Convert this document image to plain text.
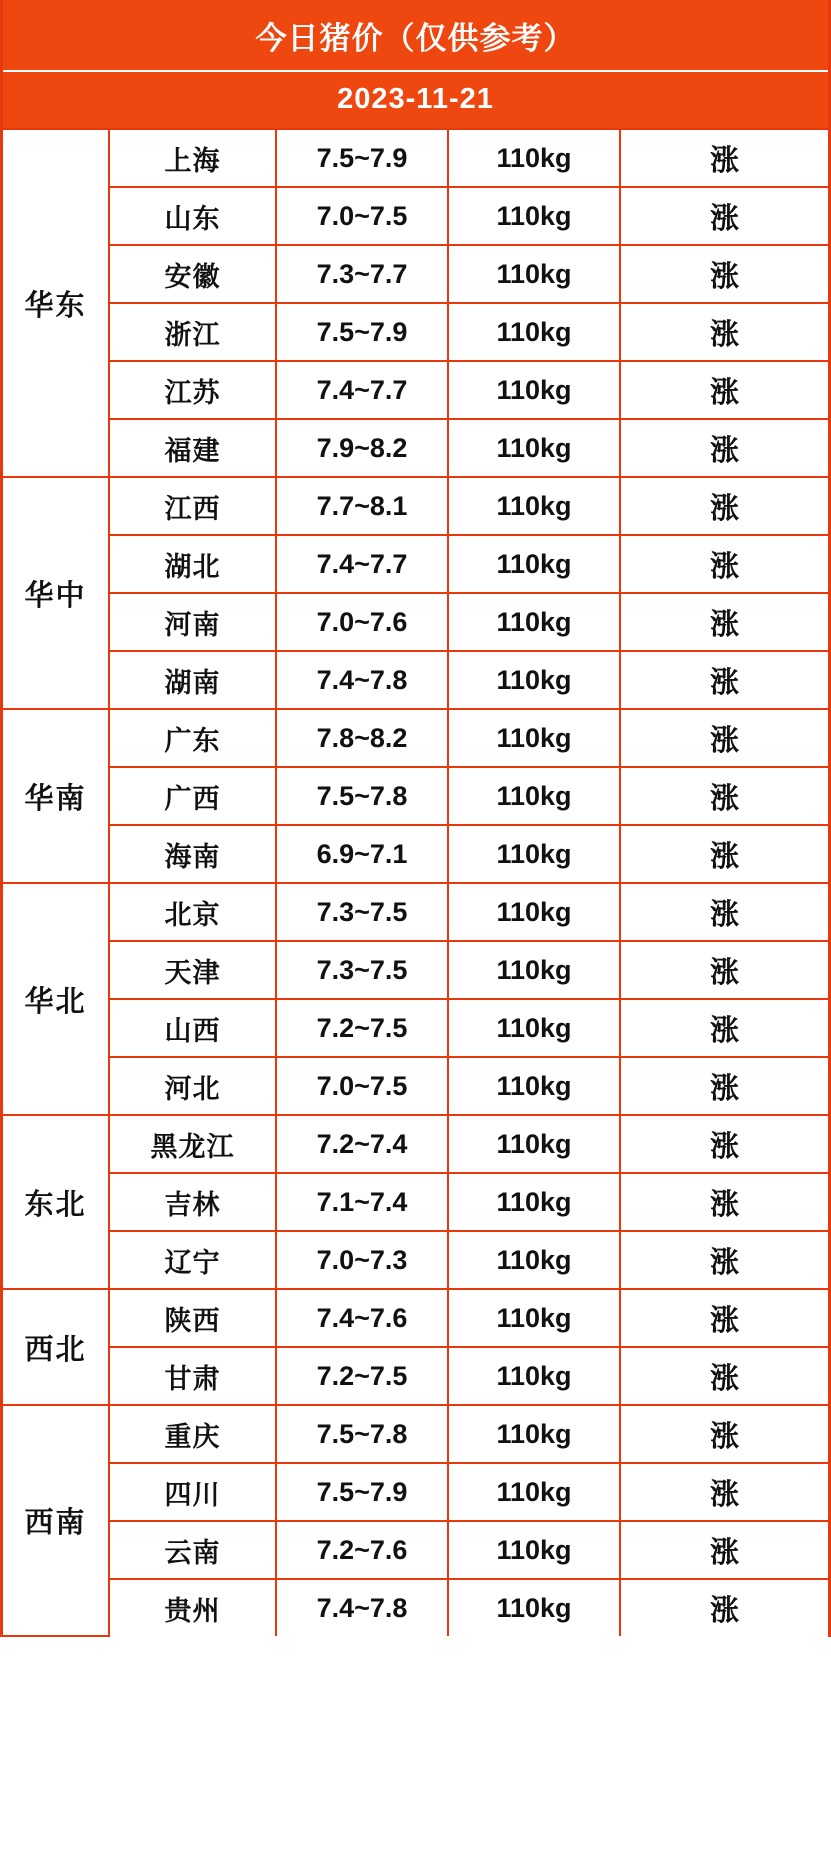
今日猪价（仅供参考）
2023-11-21
华东	上海	7.5~7.9	110kg	涨
	山东	7.0~7.5	110kg	涨
	安徽	7.3~7.7	110kg	涨
	浙江	7.5~7.9	110kg	涨
	江苏	7.4~7.7	110kg	涨
	福建	7.9~8.2	110kg	涨
华中	江西	7.7~8.1	110kg	涨
	湖北	7.4~7.7	110kg	涨
	河南	7.0~7.6	110kg	涨
	湖南	7.4~7.8	110kg	涨
华南	广东	7.8~8.2	110kg	涨
	广西	7.5~7.8	110kg	涨
	海南	6.9~7.1	110kg	涨
华北	北京	7.3~7.5	110kg	涨
	天津	7.3~7.5	110kg	涨
	山西	7.2~7.5	110kg	涨
	河北	7.0~7.5	110kg	涨
东北	黑龙江	7.2~7.4	110kg	涨
	吉林	7.1~7.4	110kg	涨
	辽宁	7.0~7.3	110kg	涨
西北	陕西	7.4~7.6	110kg	涨
	甘肃	7.2~7.5	110kg	涨
西南	重庆	7.5~7.8	110kg	涨
	四川	7.5~7.9	110kg	涨
	云南	7.2~7.6	110kg	涨
	贵州	7.4~7.8	110kg	涨
